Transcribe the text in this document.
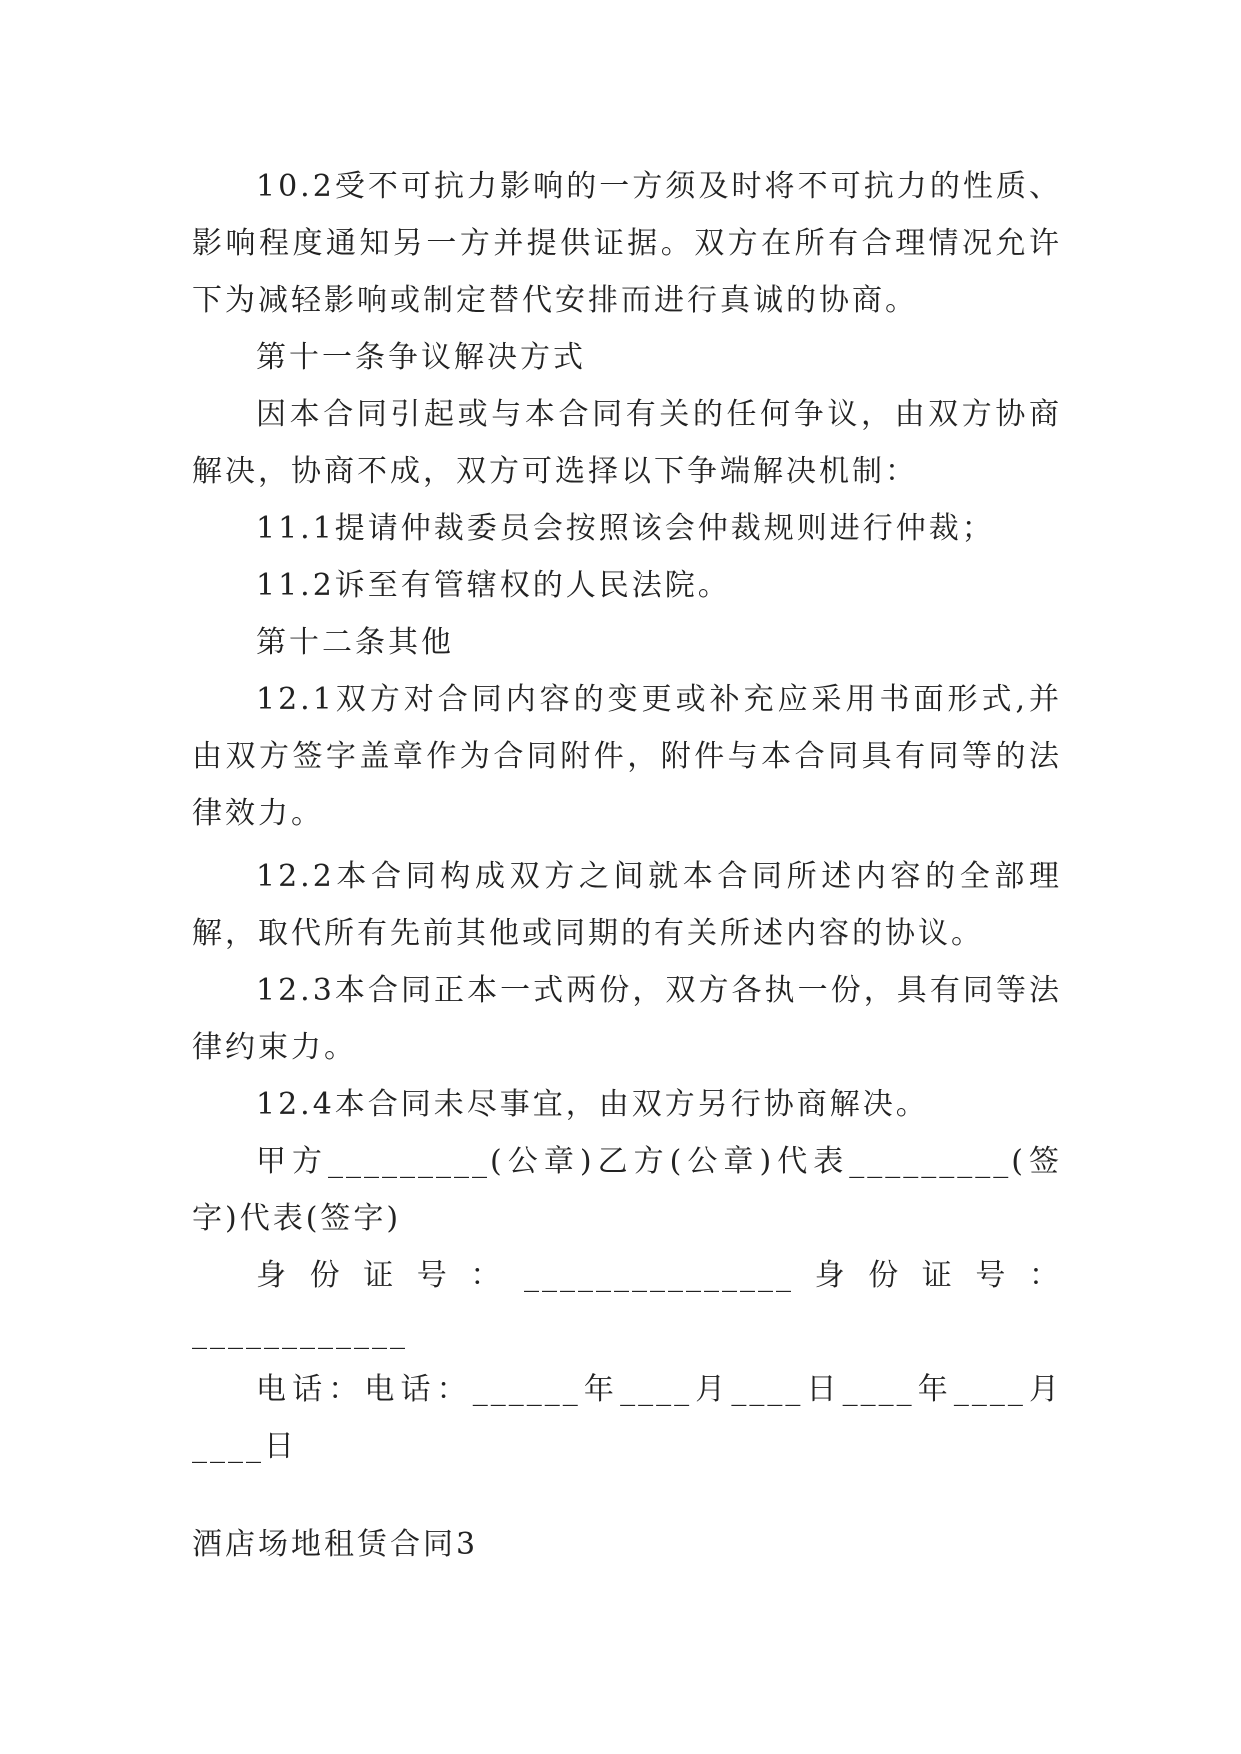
10.2受不可抗力影响的一方须及时将不可抗力的性质、影响程度通知另一方并提供证据。双方在所有合理情况允许下为减轻影响或制定替代安排而进行真诚的协商。

第十一条争议解决方式

因本合同引起或与本合同有关的任何争议，由双方协商解决，协商不成，双方可选择以下争端解决机制：

11.1提请仲裁委员会按照该会仲裁规则进行仲裁；

11.2诉至有管辖权的人民法院。

第十二条其他

12.1双方对合同内容的变更或补充应采用书面形式,并由双方签字盖章作为合同附件，附件与本合同具有同等的法律效力。

12.2本合同构成双方之间就本合同所述内容的全部理解，取代所有先前其他或同期的有关所述内容的协议。

12.3本合同正本一式两份，双方各执一份，具有同等法律约束力。

12.4本合同未尽事宜，由双方另行协商解决。

甲方_________(公章)乙方(公章)代表_________(签字)代表(签字)

身份证号：_______________身份证号：____________

电话：电话：______年____月____日____年____月____日

酒店场地租赁合同3
